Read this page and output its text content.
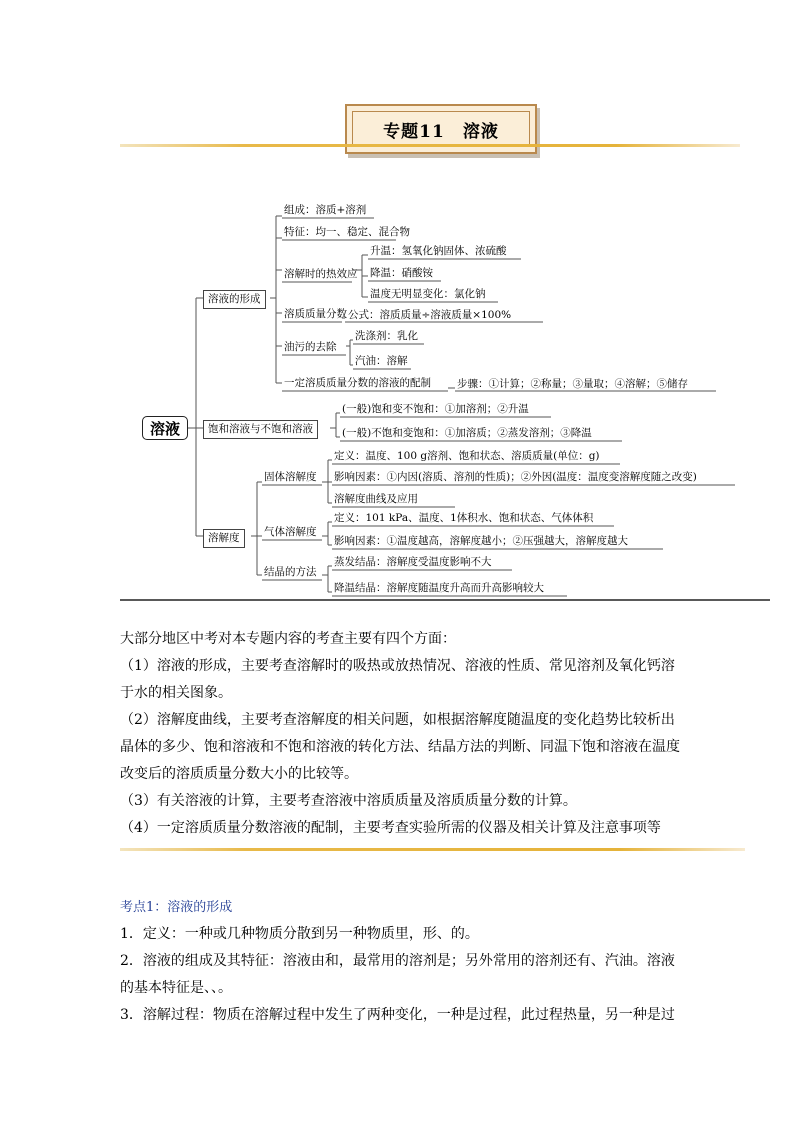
专题11　溶液
溶液
溶液的形成
组成：溶质+溶剂
特征：均一、稳定、混合物
溶解时的热效应
升温：氢氧化钠固体、浓硫酸
降温：硝酸铵
温度无明显变化：氯化钠
溶质质量分数 公式：溶质质量÷溶液质量×100%
油污的去除
洗涤剂：乳化
汽油：溶解
一定溶质质量分数的溶液的配制 步骤：①计算；②称量；③量取；④溶解；⑤储存
饱和溶液与不饱和溶液
(一般)饱和变不饱和：①加溶剂；②升温
(一般)不饱和变饱和：①加溶质；②蒸发溶剂；③降温
溶解度
固体溶解度
定义：温度、100 g溶剂、饱和状态、溶质质量(单位：g)
影响因素：①内因(溶质、溶剂的性质)；②外因(温度：温度变溶解度随之改变)
溶解度曲线及应用
气体溶解度
定义：101 kPa、温度、1体积水、饱和状态、气体体积
影响因素：①温度越高，溶解度越小；②压强越大，溶解度越大
结晶的方法
蒸发结晶：溶解度受温度影响不大
降温结晶：溶解度随温度升高而升高影响较大

大部分地区中考对本专题内容的考查主要有四个方面：

（1）溶液的形成，主要考查溶解时的吸热或放热情况、溶液的性质、常见溶剂及氧化钙溶

于水的相关图象。

（2）溶解度曲线，主要考查溶解度的相关问题，如根据溶解度随温度的变化趋势比较析出

晶体的多少、饱和溶液和不饱和溶液的转化方法、结晶方法的判断、同温下饱和溶液在温度

改变后的溶质质量分数大小的比较等。

（3）有关溶液的计算，主要考查溶液中溶质质量及溶质质量分数的计算。

（4）一定溶质质量分数溶液的配制，主要考查实验所需的仪器及相关计算及注意事项等

考点1：溶液的形成

1．定义：一种或几种物质分散到另一种物质里，形、的。

2．溶液的组成及其特征：溶液由和，最常用的溶剂是；另外常用的溶剂还有、汽油。溶液

的基本特征是、、。

3．溶解过程：物质在溶解过程中发生了两种变化，一种是过程，此过程热量，另一种是过
